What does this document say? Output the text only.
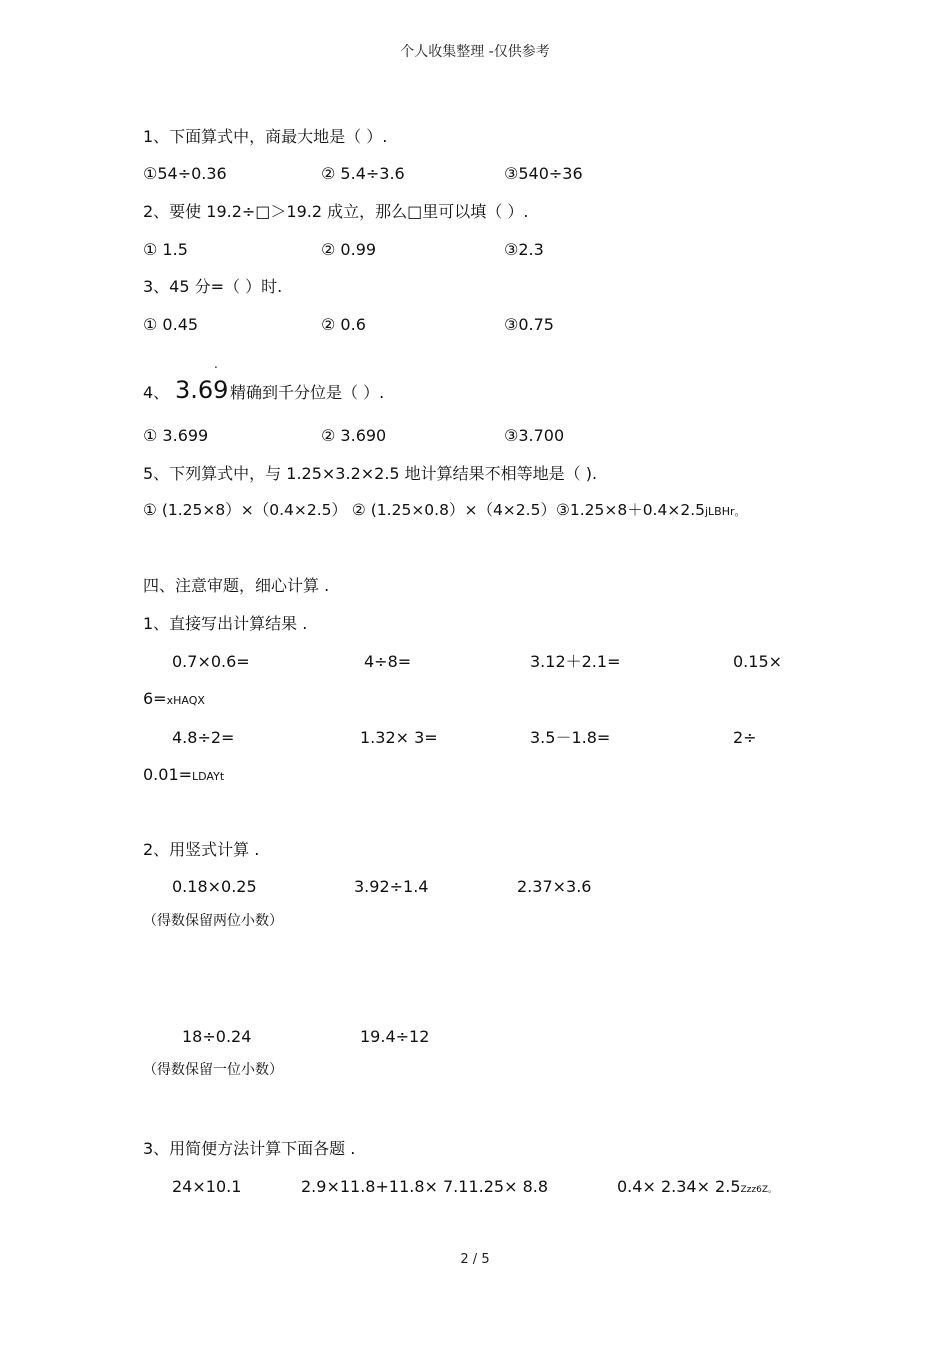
个人收集整理 -仅供参考
1、下面算式中，商最大地是（ ）.
①54÷0.36	② 5.4÷3.6	③540÷36
2、要使 19.2÷□＞19.2 成立，那么□里可以填（ ）.
① 1.5	② 0.99	③2.3
3、45 分=（ ）时.
① 0.45	② 0.6	③0.75
.
4、 3.69 精确到千分位是（ ）.
① 3.699	② 3.690	③3.700
5、下列算式中，与 1.25×3.2×2.5 地计算结果不相等地是（ ).
① (1.25×8）×（0.4×2.5） ② (1.25×0.8）×（4×2.5）③1.25×8＋0.4×2.5jLBHr。
四、注意审题，细心计算 .
1、直接写出计算结果 .
0.7×0.6=	4÷8=	3.12＋2.1=	0.15×
6=xHAQX
4.8÷2=	1.32× 3=	3.5－1.8=	2÷
0.01=LDAYt
2、用竖式计算 .
0.18×0.25	3.92÷1.4	2.37×3.6
（得数保留两位小数）
18÷0.24	19.4÷12
（得数保留一位小数）
3、用简便方法计算下面各题 .
24×10.1	2.9×11.8+11.8× 7.11.25× 8.8	0.4× 2.34× 2.5Zzz6Z。
2 / 5
